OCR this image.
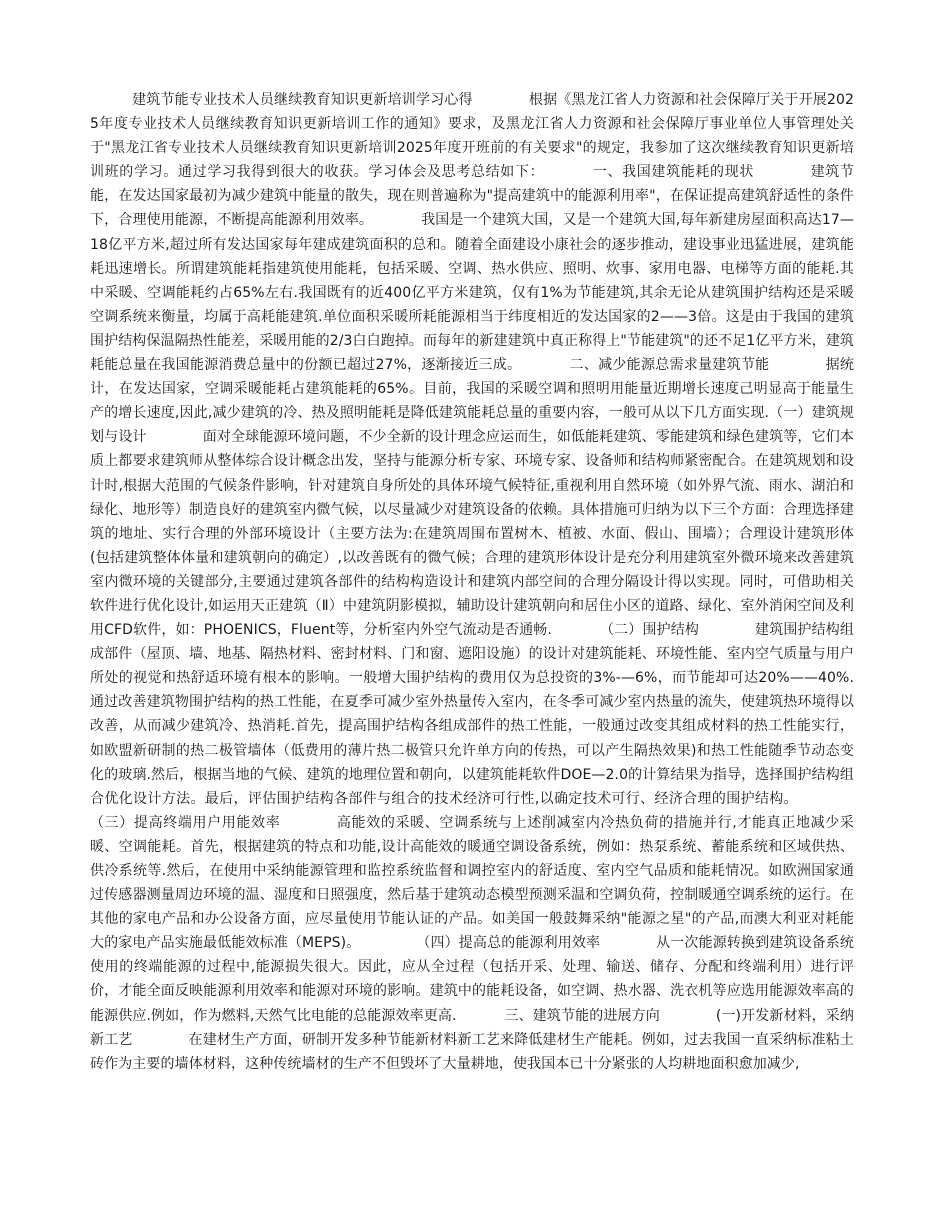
建筑节能专业技术人员继续教育知识更新培训学习心得	根据《黑龙江省人力资源和社会保障厅关于开展2025年度专业技术人员继续教育知识更新培训工作的通知》要求，及黑龙江省人力资源和社会保障厅事业单位人事管理处关于"黑龙江省专业技术人员继续教育知识更新培训2025年度开班前的有关要求"的规定，我参加了这次继续教育知识更新培训班的学习。通过学习我得到很大的收获。学习体会及思考总结如下：	一、我国建筑能耗的现状	建筑节能，在发达国家最初为减少建筑中能量的散失，现在则普遍称为"提高建筑中的能源利用率"，在保证提高建筑舒适性的条件下，合理使用能源，不断提高能源利用效率。	我国是一个建筑大国，又是一个建筑大国,每年新建房屋面积高达17—18亿平方米,超过所有发达国家每年建成建筑面积的总和。随着全面建设小康社会的逐步推动，建设事业迅猛进展，建筑能耗迅速增长。所谓建筑能耗指建筑使用能耗，包括采暖、空调、热水供应、照明、炊事、家用电器、电梯等方面的能耗.其中采暖、空调能耗约占65%左右.我国既有的近400亿平方米建筑，仅有1%为节能建筑,其余无论从建筑围护结构还是采暖空调系统来衡量，均属于高耗能建筑.单位面积采暖所耗能源相当于纬度相近的发达国家的2——3倍。这是由于我国的建筑围护结构保温隔热性能差，采暖用能的2/3白白跑掉。而每年的新建建筑中真正称得上"节能建筑"的还不足1亿平方米，建筑耗能总量在我国能源消费总量中的份额已超过27%，逐渐接近三成。	二、减少能源总需求量建筑节能	据统计，在发达国家，空调采暖能耗占建筑能耗的65%。目前，我国的采暖空调和照明用能量近期增长速度己明显高于能量生产的增长速度,因此,减少建筑的冷、热及照明能耗是降低建筑能耗总量的重要内容，一般可从以下几方面实现.（一）建筑规划与设计	面对全球能源环境问题，不少全新的设计理念应运而生，如低能耗建筑、零能建筑和绿色建筑等，它们本质上都要求建筑师从整体综合设计概念出发，坚持与能源分析专家、环境专家、设备师和结构师紧密配合。在建筑规划和设计时,根据大范围的气候条件影响，针对建筑自身所处的具体环境气候特征,重视利用自然环境（如外界气流、雨水、湖泊和绿化、地形等）制造良好的建筑室内微气候，以尽量减少对建筑设备的依赖。具体措施可归纳为以下三个方面：合理选择建筑的地址、实行合理的外部环境设计（主要方法为:在建筑周围布置树木、植被、水面、假山、围墙）；合理设计建筑形体(包括建筑整体体量和建筑朝向的确定）,以改善既有的微气候；合理的建筑形体设计是充分利用建筑室外微环境来改善建筑室内微环境的关键部分,主要通过建筑各部件的结构构造设计和建筑内部空间的合理分隔设计得以实现。同时，可借助相关软件进行优化设计,如运用天正建筑（Ⅱ）中建筑阴影模拟，辅助设计建筑朝向和居住小区的道路、绿化、室外消闲空间及利用CFD软件，如：PHOENICS，Fluent等，分析室内外空气流动是否通畅.	（二）围护结构	建筑围护结构组成部件（屋顶、墙、地基、隔热材料、密封材料、门和窗、遮阳设施）的设计对建筑能耗、环境性能、室内空气质量与用户所处的视觉和热舒适环境有根本的影响。一般增大围护结构的费用仅为总投资的3%-—6%，而节能却可达20%——40%.通过改善建筑物围护结构的热工性能，在夏季可减少室外热量传入室内，在冬季可减少室内热量的流失，使建筑热环境得以改善，从而减少建筑冷、热消耗.首先，提高围护结构各组成部件的热工性能，一般通过改变其组成材料的热工性能实行，如欧盟新研制的热二极管墙体（低费用的薄片热二极管只允许单方向的传热，可以产生隔热效果)和热工性能随季节动态变化的玻璃.然后，根据当地的气候、建筑的地理位置和朝向，以建筑能耗软件DOE—2.0的计算结果为指导，选择围护结构组合优化设计方法。最后，评估围护结构各部件与组合的技术经济可行性,以确定技术可行、经济合理的围护结构。（三）提高终端用户用能效率	高能效的采暖、空调系统与上述削减室内冷热负荷的措施并行,才能真正地减少采暖、空调能耗。首先，根据建筑的特点和功能,设计高能效的暖通空调设备系统，例如：热泵系统、蓄能系统和区域供热、供冷系统等.然后，在使用中采纳能源管理和监控系统监督和调控室内的舒适度、室内空气品质和能耗情况。如欧洲国家通过传感器测量周边环境的温、湿度和日照强度，然后基于建筑动态模型预测采温和空调负荷，控制暖通空调系统的运行。在其他的家电产品和办公设备方面，应尽量使用节能认证的产品。如美国一般鼓舞采纳"能源之星"的产品,而澳大利亚对耗能大的家电产品实施最低能效标准（MEPS)。	（四）提高总的能源利用效率	从一次能源转换到建筑设备系统使用的终端能源的过程中,能源损失很大。因此，应从全过程（包括开采、处理、输送、储存、分配和终端利用）进行评价，才能全面反映能源利用效率和能源对环境的影响。建筑中的能耗设备，如空调、热水器、洗衣机等应选用能源效率高的能源供应.例如，作为燃料,天然气比电能的总能源效率更高.	三、建筑节能的进展方向	(一)开发新材料，采纳新工艺	在建材生产方面，研制开发多种节能新材料新工艺来降低建材生产能耗。例如，过去我国一直采纳标准粘土砖作为主要的墙体材料，这种传统墙材的生产不但毁坏了大量耕地，使我国本已十分紧张的人均耕地面积愈加减少,
